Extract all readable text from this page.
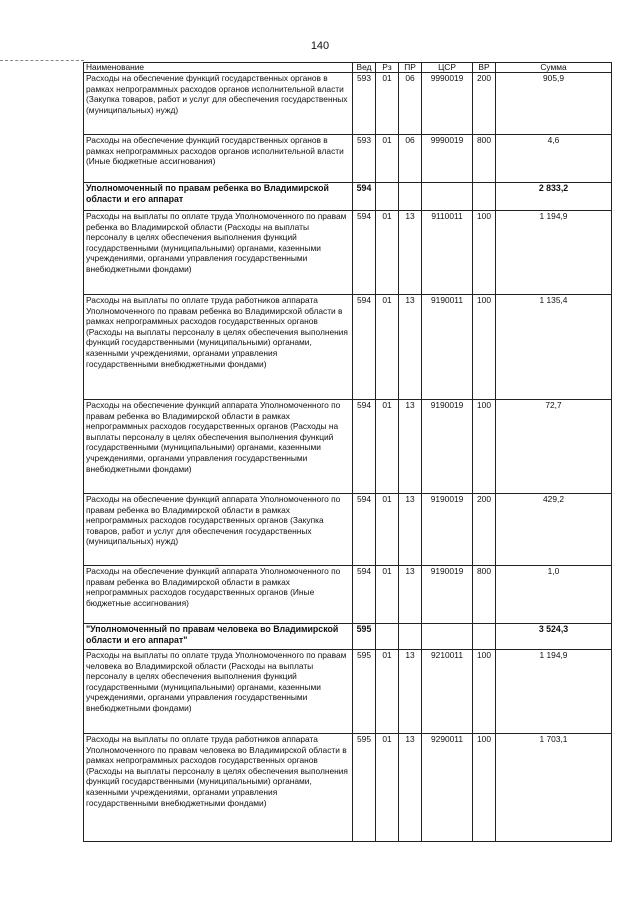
140
Наименование	Вед	Рз	ПР	ЦСР	ВР	Сумма
Расходы на обеспечение функций государственных органов в рамках непрограммных расходов органов исполнительной власти (Закупка товаров, работ и услуг для обеспечения государственных (муниципальных) нужд)	593	01	06	9990019	200	905,9
Расходы на обеспечение функций государственных органов в рамках непрограммных расходов органов исполнительной власти (Иные бюджетные ассигнования)	593	01	06	9990019	800	4,6
Уполномоченный по правам ребенка во Владимирской области и его аппарат	594					2 833,2
Расходы на выплаты по оплате труда Уполномоченного по правам ребенка во Владимирской области (Расходы на выплаты персоналу в целях обеспечения выполнения функций государственными (муниципальными) органами, казенными учреждениями, органами управления государственными внебюджетными фондами)	594	01	13	9110011	100	1 194,9
Расходы на выплаты по оплате труда работников аппарата Уполномоченного по правам ребенка во Владимирской области в рамках непрограммных расходов государственных органов (Расходы на выплаты персоналу в целях обеспечения выполнения функций государственными (муниципальными) органами, казенными учреждениями, органами управления государственными внебюджетными фондами)	594	01	13	9190011	100	1 135,4
Расходы на обеспечение функций аппарата Уполномоченного по правам ребенка во Владимирской области в рамках непрограммных расходов государственных органов (Расходы на выплаты персоналу в целях обеспечения выполнения функций государственными (муниципальными) органами, казенными учреждениями, органами управления государственными внебюджетными фондами)	594	01	13	9190019	100	72,7
Расходы на обеспечение функций аппарата Уполномоченного по правам ребенка во Владимирской области в рамках непрограммных расходов государственных органов (Закупка товаров, работ и услуг для обеспечения государственных (муниципальных) нужд)	594	01	13	9190019	200	429,2
Расходы на обеспечение функций аппарата Уполномоченного по правам ребенка во Владимирской области в рамках непрограммных расходов государственных органов (Иные бюджетные ассигнования)	594	01	13	9190019	800	1,0
"Уполномоченный по правам человека во Владимирской области и его аппарат"	595					3 524,3
Расходы на выплаты по оплате труда Уполномоченного по правам человека во Владимирской области (Расходы на выплаты персоналу в целях обеспечения выполнения функций государственными (муниципальными) органами, казенными учреждениями, органами управления государственными внебюджетными фондами)	595	01	13	9210011	100	1 194,9
Расходы на выплаты по оплате труда работников аппарата Уполномоченного по правам человека во Владимирской области в рамках непрограммных расходов государственных органов (Расходы на выплаты персоналу в целях обеспечения выполнения функций государственными (муниципальными) органами, казенными учреждениями, органами управления государственными внебюджетными фондами)	595	01	13	9290011	100	1 703,1
